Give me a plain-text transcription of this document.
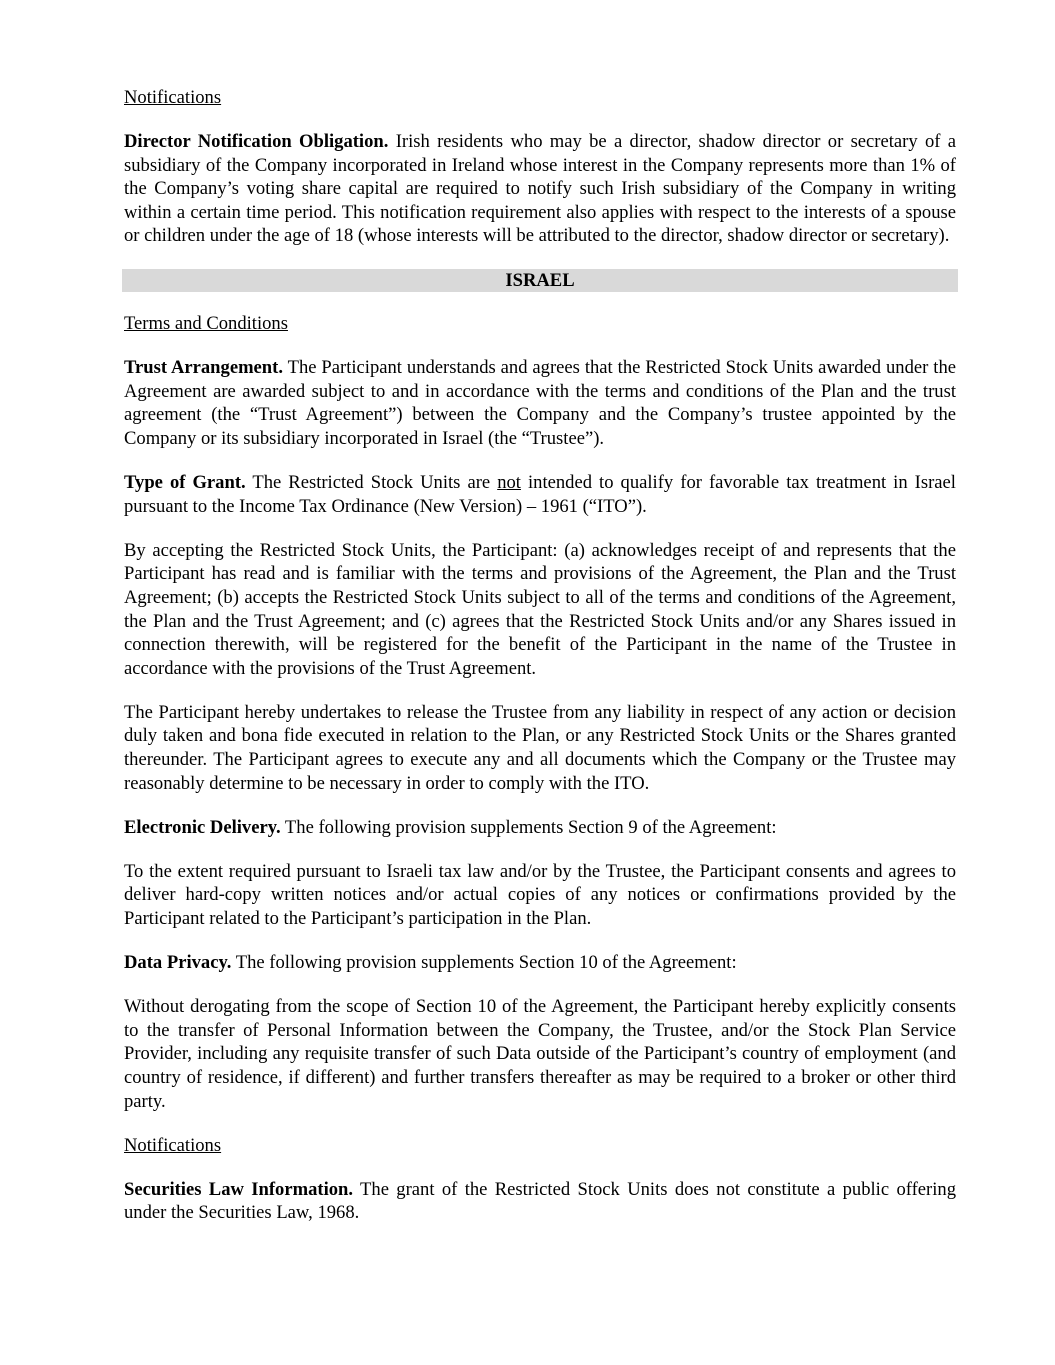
Notifications

Director Notification Obligation. Irish residents who may be a director, shadow director or secretary of a subsidiary of the Company incorporated in Ireland whose interest in the Company represents more than 1% of the Company’s voting share capital are required to notify such Irish subsidiary of the Company in writing within a certain time period. This notification requirement also applies with respect to the interests of a spouse or children under the age of 18 (whose interests will be attributed to the director, shadow director or secretary).

ISRAEL
Terms and Conditions

Trust Arrangement. The Participant understands and agrees that the Restricted Stock Units awarded under the Agreement are awarded subject to and in accordance with the terms and conditions of the Plan and the trust agreement (the “Trust Agreement”) between the Company and the Company’s trustee appointed by the Company or its subsidiary incorporated in Israel (the “Trustee”).

Type of Grant. The Restricted Stock Units are not intended to qualify for favorable tax treatment in Israel pursuant to the Income Tax Ordinance (New Version) – 1961 (“ITO”).

By accepting the Restricted Stock Units, the Participant: (a) acknowledges receipt of and represents that the Participant has read and is familiar with the terms and provisions of the Agreement, the Plan and the Trust Agreement; (b) accepts the Restricted Stock Units subject to all of the terms and conditions of the Agreement, the Plan and the Trust Agreement; and (c) agrees that the Restricted Stock Units and/or any Shares issued in connection therewith, will be registered for the benefit of the Participant in the name of the Trustee in accordance with the provisions of the Trust Agreement.

The Participant hereby undertakes to release the Trustee from any liability in respect of any action or decision duly taken and bona fide executed in relation to the Plan, or any Restricted Stock Units or the Shares granted thereunder. The Participant agrees to execute any and all documents which the Company or the Trustee may reasonably determine to be necessary in order to comply with the ITO.

Electronic Delivery. The following provision supplements Section 9 of the Agreement:

To the extent required pursuant to Israeli tax law and/or by the Trustee, the Participant consents and agrees to deliver hard-copy written notices and/or actual copies of any notices or confirmations provided by the Participant related to the Participant’s participation in the Plan.

Data Privacy. The following provision supplements Section 10 of the Agreement:

Without derogating from the scope of Section 10 of the Agreement, the Participant hereby explicitly consents to the transfer of Personal Information between the Company, the Trustee, and/or the Stock Plan Service Provider, including any requisite transfer of such Data outside of the Participant’s country of employment (and country of residence, if different) and further transfers thereafter as may be required to a broker or other third party.

Notifications

Securities Law Information. The grant of the Restricted Stock Units does not constitute a public offering under the Securities Law, 1968.
